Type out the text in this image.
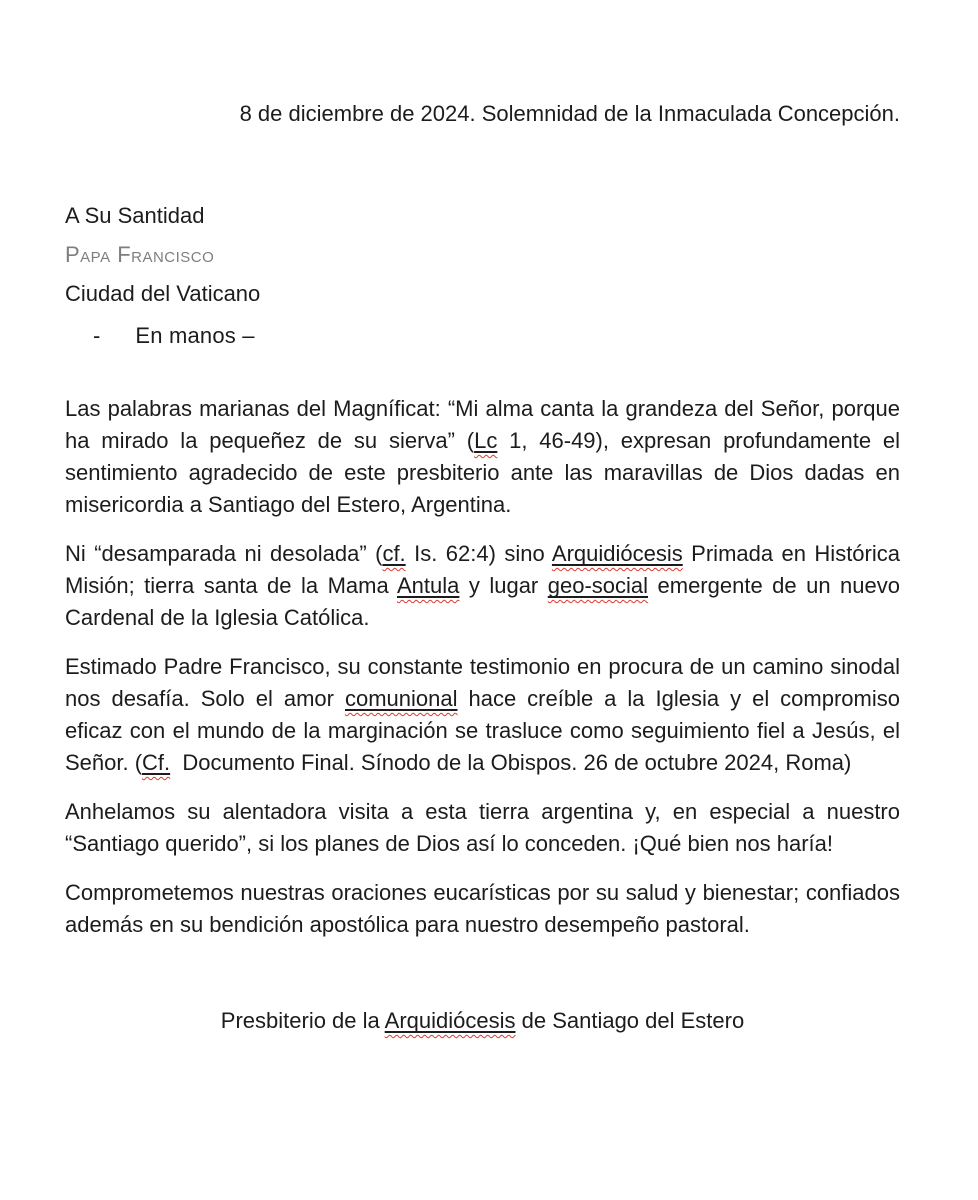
8 de diciembre de 2024. Solemnidad de la Inmaculada Concepción.

A Su Santidad

Papa Francisco

Ciudad del Vaticano

- En manos –

Las palabras marianas del Magníficat: “Mi alma canta la grandeza del Señor, porque ha mirado la pequeñez de su sierva” (Lc 1, 46-49), expresan profundamente el sentimiento agradecido de este presbiterio ante las maravillas de Dios dadas en misericordia a Santiago del Estero, Argentina.

Ni “desamparada ni desolada” (cf. Is. 62:4) sino Arquidiócesis Primada en Histórica Misión; tierra santa de la Mama Antula y lugar geo-social emergente de un nuevo Cardenal de la Iglesia Católica.

Estimado Padre Francisco, su constante testimonio en procura de un camino sinodal nos desafía. Solo el amor comunional hace creíble a la Iglesia y el compromiso eficaz con el mundo de la marginación se trasluce como seguimiento fiel a Jesús, el Señor. (Cf.  Documento Final. Sínodo de la Obispos. 26 de octubre 2024, Roma)

Anhelamos su alentadora visita a esta tierra argentina y, en especial a nuestro “Santiago querido”, si los planes de Dios así lo conceden. ¡Qué bien nos haría!

Comprometemos nuestras oraciones eucarísticas por su salud y bienestar; confiados además en su bendición apostólica para nuestro desempeño pastoral.

Presbiterio de la Arquidiócesis de Santiago del Estero
